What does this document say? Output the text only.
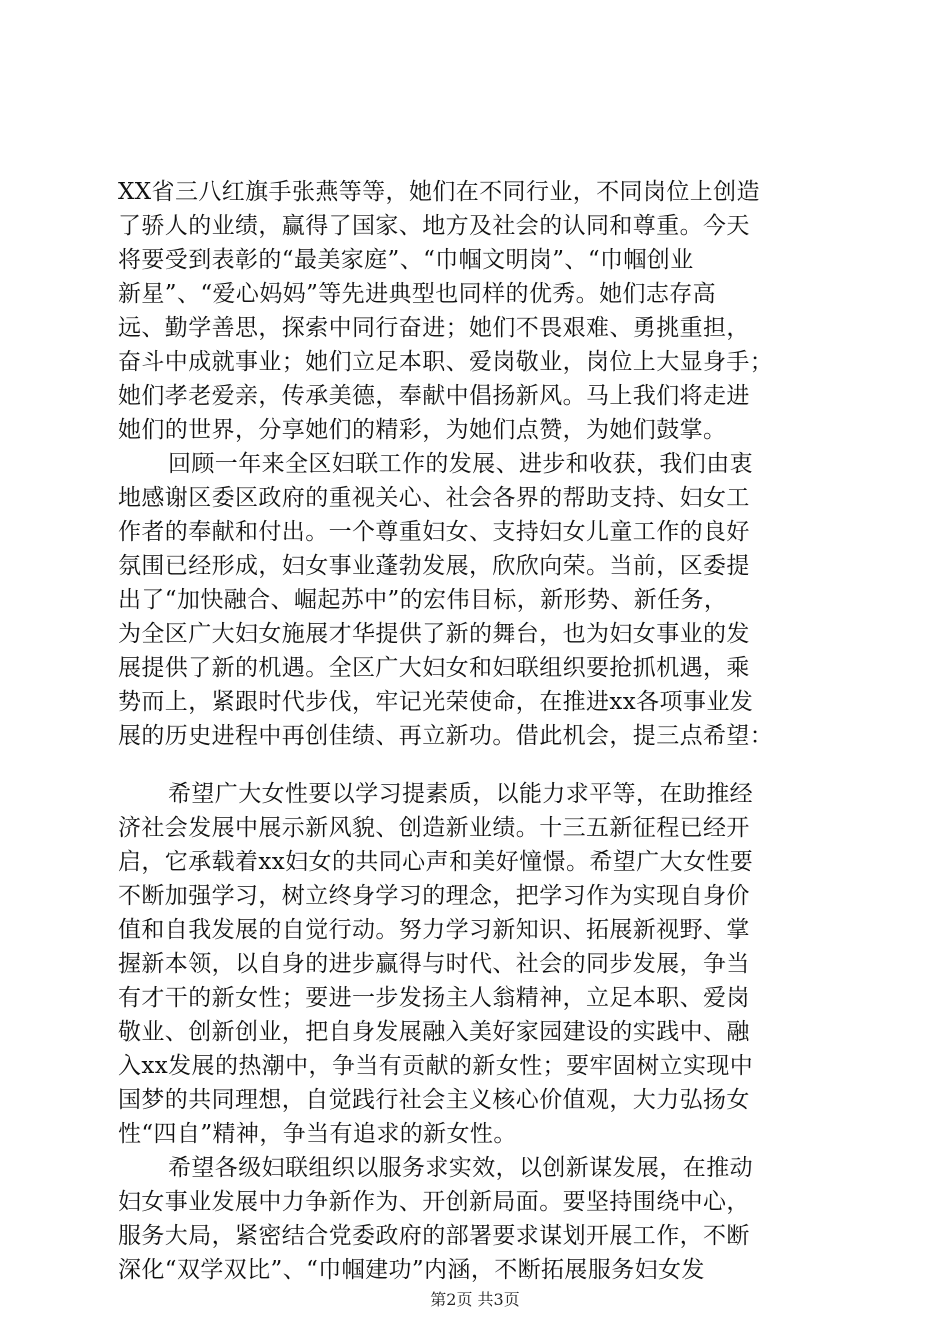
XX省三八红旗手张燕等等，她们在不同行业，不同岗位上创造
了骄人的业绩，赢得了国家、地方及社会的认同和尊重。今天
将要受到表彰的“最美家庭”、“巾帼文明岗”、“巾帼创业
新星”、“爱心妈妈”等先进典型也同样的优秀。她们志存高
远、勤学善思，探索中同行奋进；她们不畏艰难、勇挑重担，
奋斗中成就事业；她们立足本职、爱岗敬业，岗位上大显身手；
她们孝老爱亲，传承美德，奉献中倡扬新风。马上我们将走进
她们的世界，分享她们的精彩，为她们点赞，为她们鼓掌。
回顾一年来全区妇联工作的发展、进步和收获，我们由衷
地感谢区委区政府的重视关心、社会各界的帮助支持、妇女工
作者的奉献和付出。一个尊重妇女、支持妇女儿童工作的良好
氛围已经形成，妇女事业蓬勃发展，欣欣向荣。当前，区委提
出了“加快融合、崛起苏中”的宏伟目标，新形势、新任务，
为全区广大妇女施展才华提供了新的舞台，也为妇女事业的发
展提供了新的机遇。全区广大妇女和妇联组织要抢抓机遇，乘
势而上，紧跟时代步伐，牢记光荣使命，在推进xx各项事业发
展的历史进程中再创佳绩、再立新功。借此机会，提三点希望：
希望广大女性要以学习提素质，以能力求平等，在助推经
济社会发展中展示新风貌、创造新业绩。十三五新征程已经开
启，它承载着xx妇女的共同心声和美好憧憬。希望广大女性要
不断加强学习，树立终身学习的理念，把学习作为实现自身价
值和自我发展的自觉行动。努力学习新知识、拓展新视野、掌
握新本领，以自身的进步赢得与时代、社会的同步发展，争当
有才干的新女性；要进一步发扬主人翁精神，立足本职、爱岗
敬业、创新创业，把自身发展融入美好家园建设的实践中、融
入xx发展的热潮中，争当有贡献的新女性；要牢固树立实现中
国梦的共同理想，自觉践行社会主义核心价值观，大力弘扬女
性“四自”精神，争当有追求的新女性。
希望各级妇联组织以服务求实效，以创新谋发展，在推动
妇女事业发展中力争新作为、开创新局面。要坚持围绕中心，
服务大局，紧密结合党委政府的部署要求谋划开展工作，不断
深化“双学双比”、“巾帼建功”内涵，不断拓展服务妇女发
第2页 共3页
